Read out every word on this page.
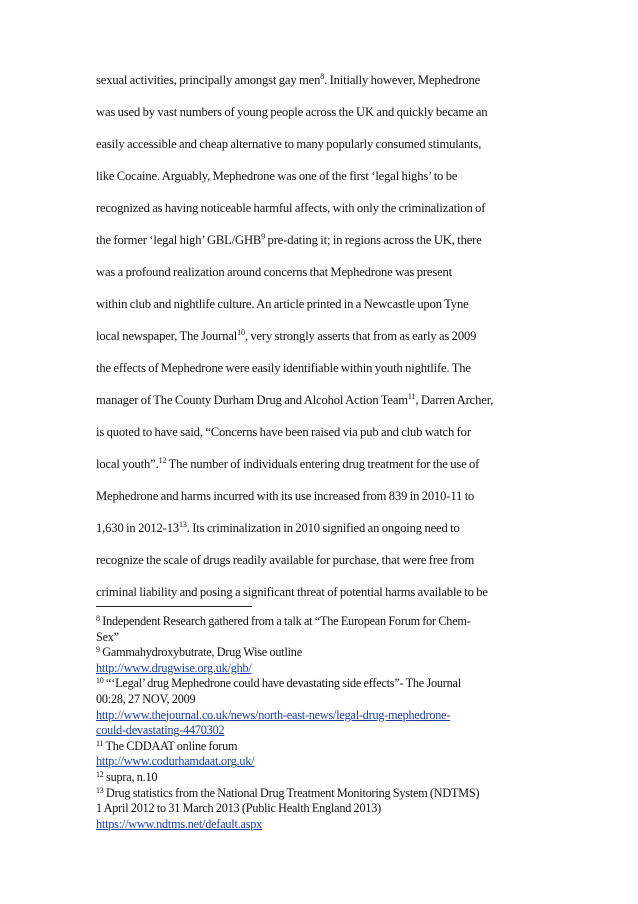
sexual activities, principally amongst gay men$^8$. Initially however, Mephedrone
was used by vast numbers of young people across the UK and quickly became an
easily accessible and cheap alternative to many popularly consumed stimulants,
like Cocaine. Arguably, Mephedrone was one of the first ‘legal highs’ to be
recognized as having noticeable harmful affects, with only the criminalization of
the former ‘legal high’ GBL/GHB$^9$ pre-dating it; in regions across the UK, there
was a profound realization around concerns that Mephedrone was present
within club and nightlife culture. An article printed in a Newcastle upon Tyne
local newspaper, The Journal$^{10}$, very strongly asserts that from as early as 2009
the effects of Mephedrone were easily identifiable within youth nightlife. The
manager of The County Durham Drug and Alcohol Action Team$^{11}$, Darren Archer,
is quoted to have said, “Concerns have been raised via pub and club watch for
local youth”.$^{12}$ The number of individuals entering drug treatment for the use of
Mephedrone and harms incurred with its use increased from 839 in 2010-11 to
1,630 in $2012-13^{13}$. Its criminalization in 2010 signified an ongoing need to
recognize the scale of drugs readily available for purchase, that were free from
criminal liability and posing a significant threat of potential harms available to be
$^8$ Independent Research gathered from a talk at “The European Forum for Chem-
Sex”
$^9$ Gammahydroxybutrate, Drug Wise outline
http://www.drugwise.org.uk/ghb/
$^{10}$ “‘Legal’ drug Mephedrone could have devastating side effects”- The Journal
00:28, 27 NOV, 2009
http://www.thejournal.co.uk/news/north-east-news/legal-drug-mephedrone-
could-devastating-4470302
$^{11}$ The CDDAAT online forum
http://www.codurhamdaat.org.uk/
$^{12}$ supra, n.10
$^{13}$ Drug statistics from the National Drug Treatment Monitoring System (NDTMS)
1 April 2012 to 31 March 2013 (Public Health England 2013)
https://www.ndtms.net/default.aspx
